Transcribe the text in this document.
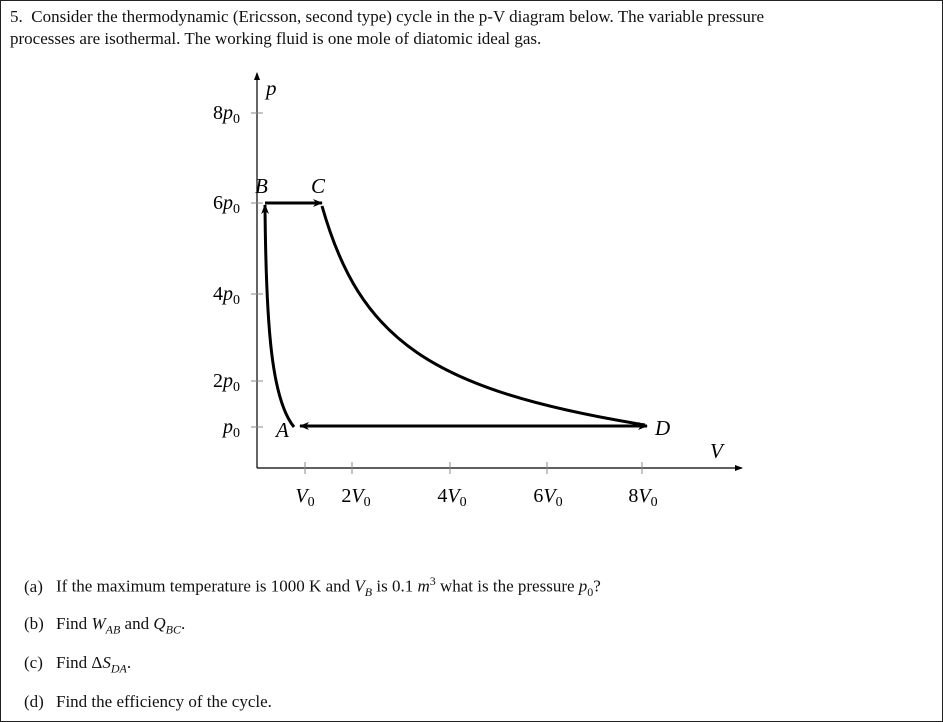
5. Consider the thermodynamic (Ericsson, second type) cycle in the p-V diagram below. The variable pressure

processes are isothermal. The working fluid is one mole of diatomic ideal gas.

p
V
$8p_0$
$6p_0$
$4p_0$
$2p_0$
$p_0$
$V_0$ $2V_0$	$4V_0$	$6V_0$	$8V_0$
A
B C
D
(a) If the maximum temperature is 1000 K and $V_B$ is 0.1 $m^3$ what is the pressure $p_0$?
(b) Find $W_{AB}$ and $Q_{BC}$.
(c) Find $\Delta S_{DA}$.
(d) Find the efficiency of the cycle.
